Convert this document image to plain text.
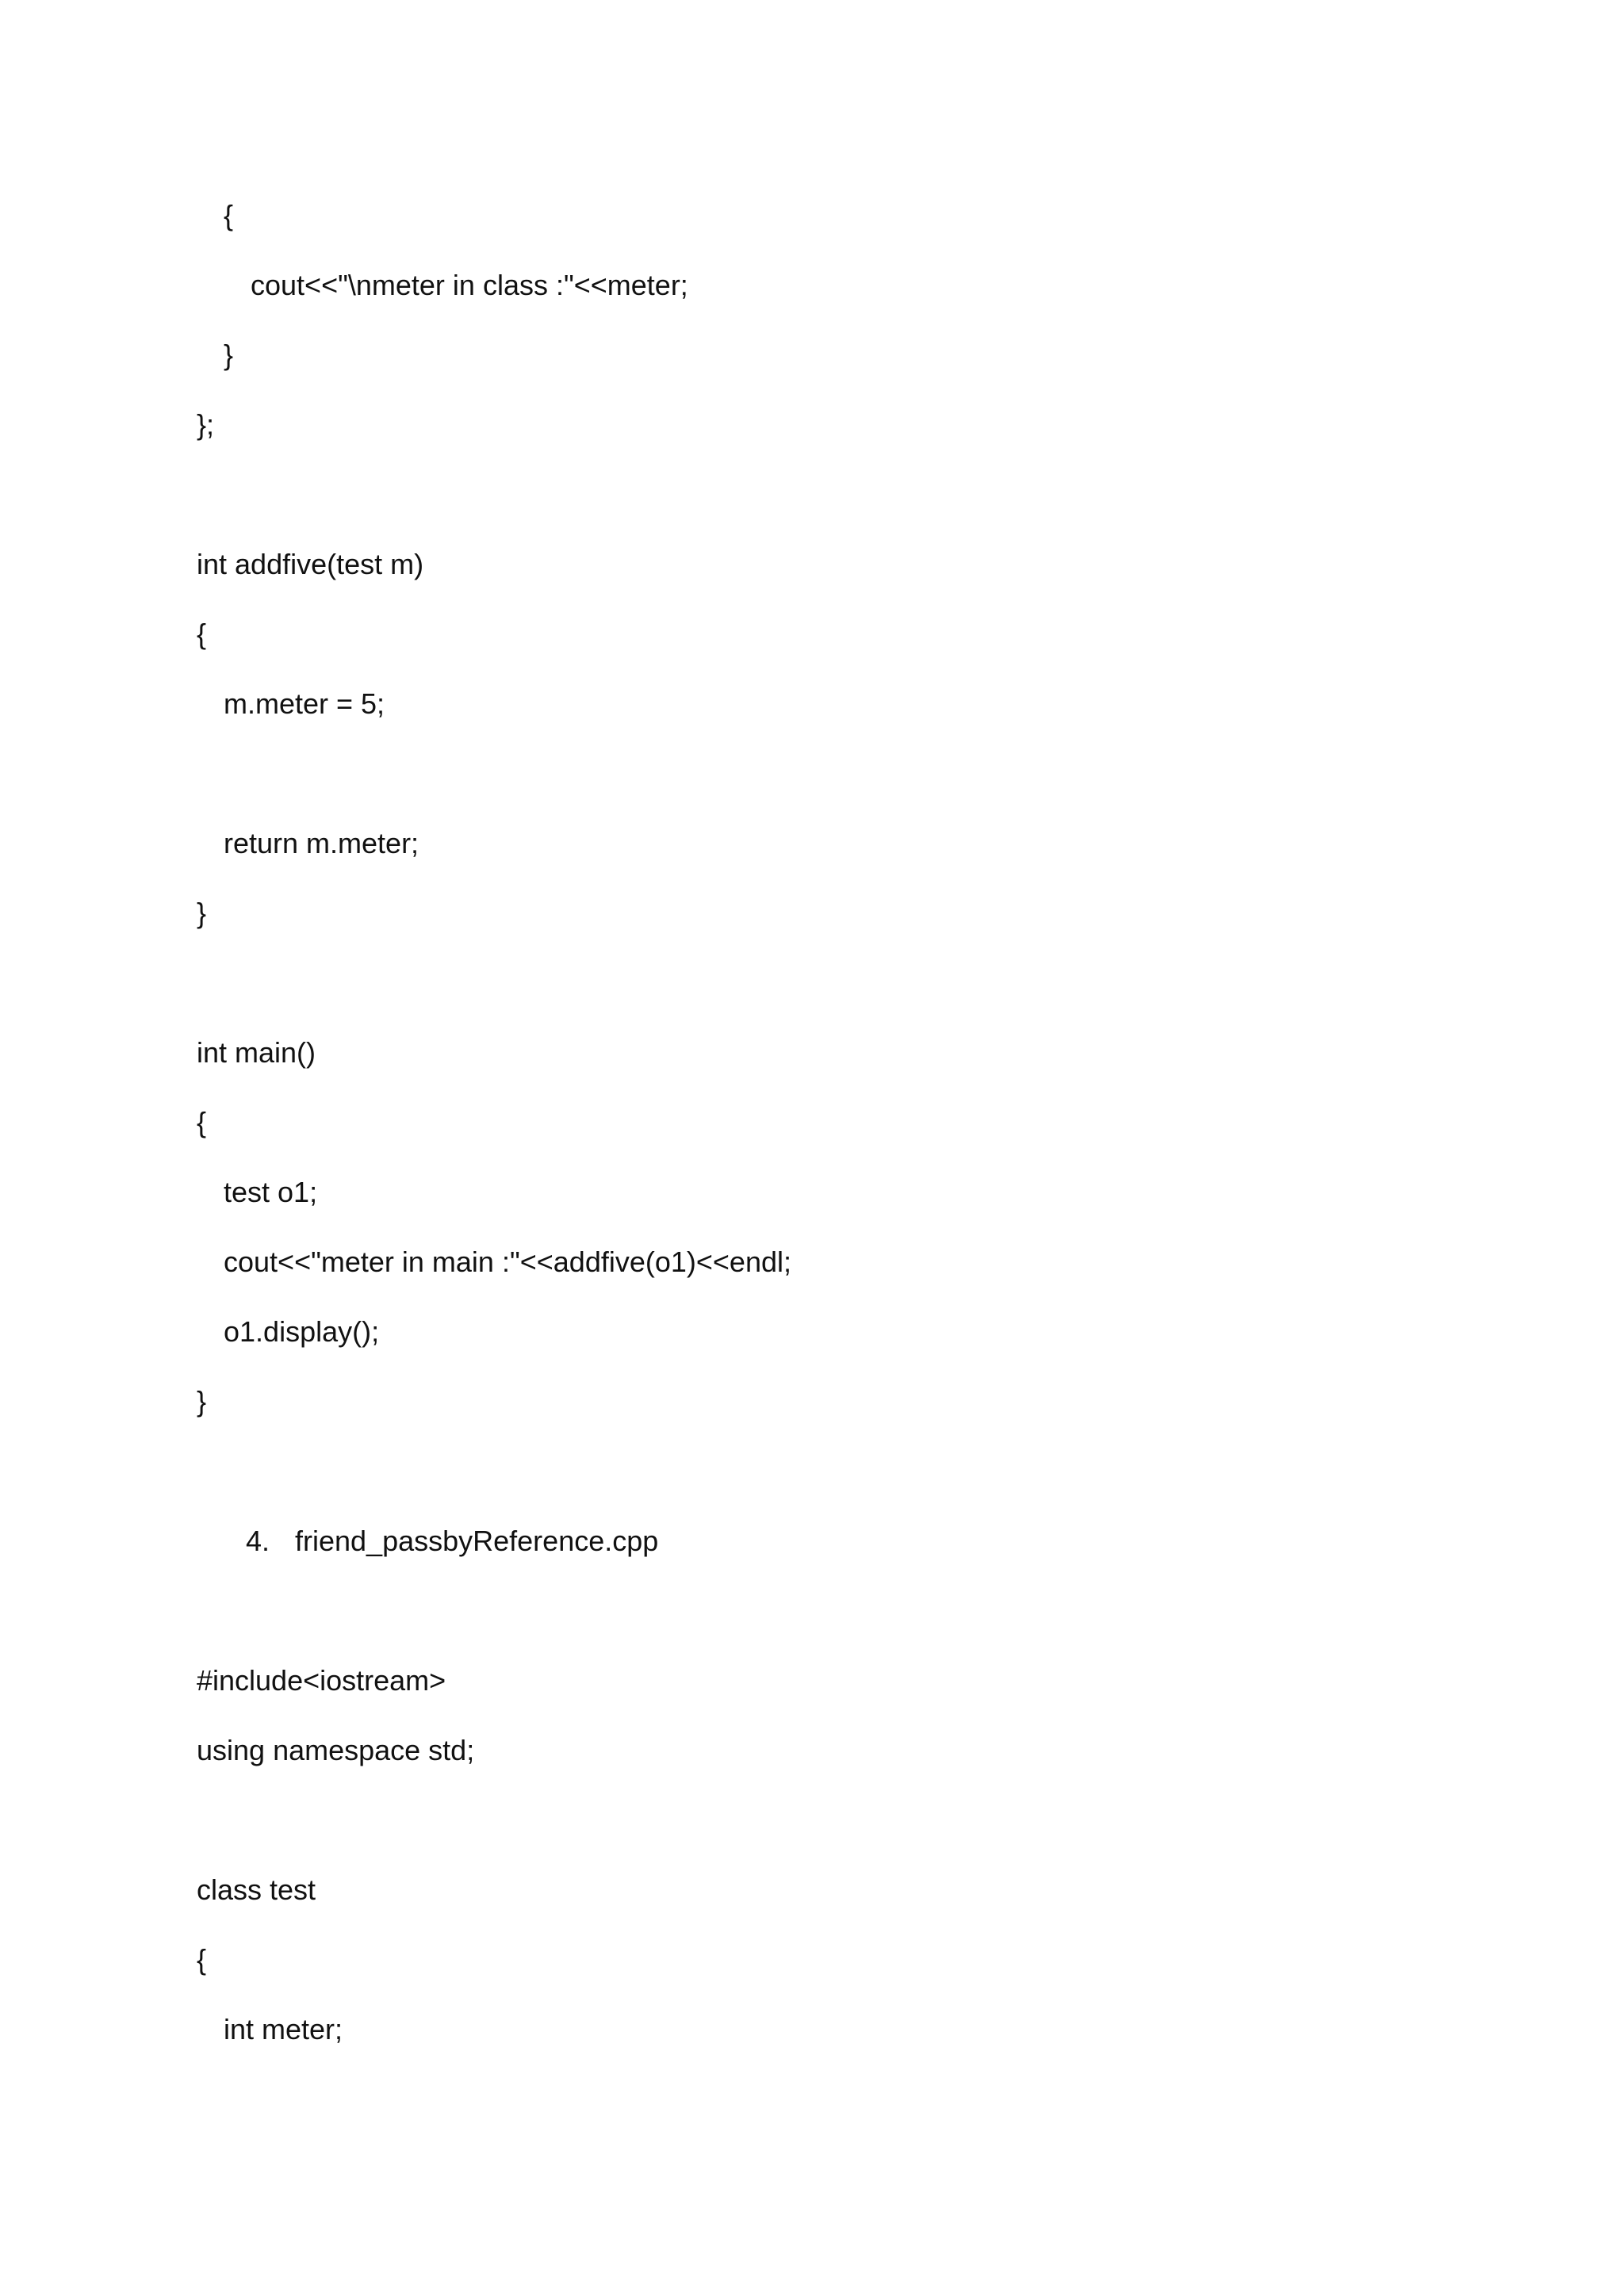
{
cout<<"\nmeter in class :"<<meter;
}
};
int addfive(test m)
{
m.meter = 5;
return m.meter;
}
int main()
{
test o1;
cout<<"meter in main :"<<addfive(o1)<<endl;
o1.display();
}
4. friend_passbyReference.cpp
#include<iostream>
using namespace std;
class test
{
int meter;
